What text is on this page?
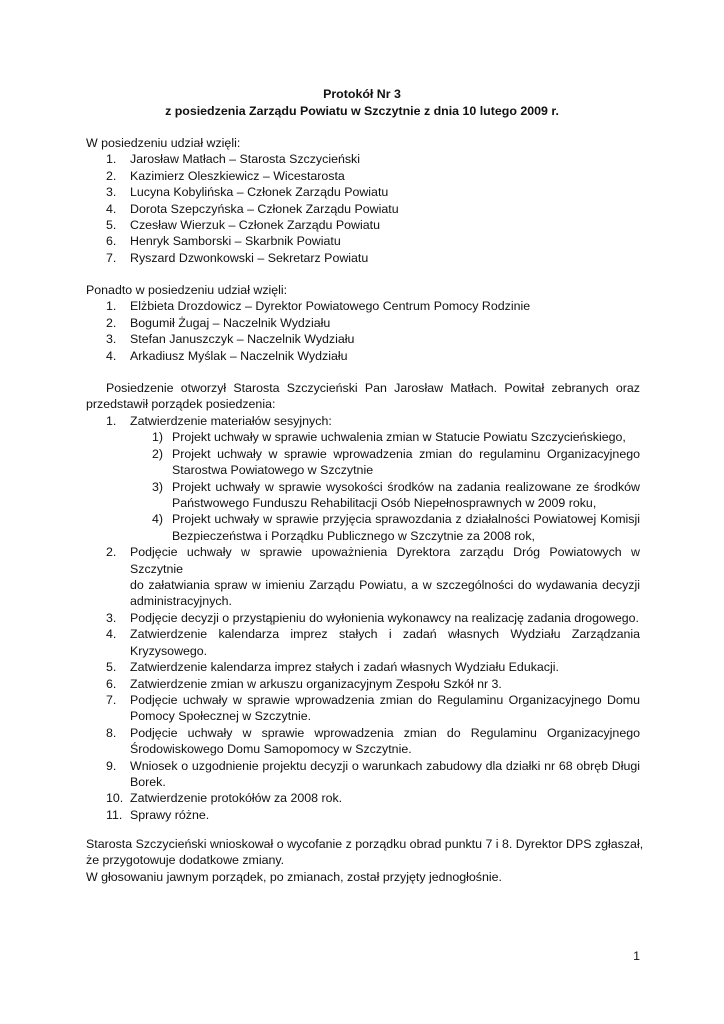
Protokół Nr 3
z posiedzenia Zarządu Powiatu w Szczytnie z dnia 10 lutego 2009 r.
W posiedzeniu udział wzięli:
1. Jarosław Matłach – Starosta Szczycieński
2. Kazimierz Oleszkiewicz – Wicestarosta
3. Lucyna Kobylińska – Członek Zarządu Powiatu
4. Dorota Szepczyńska – Członek Zarządu Powiatu
5. Czesław Wierzuk – Członek Zarządu Powiatu
6. Henryk Samborski – Skarbnik Powiatu
7. Ryszard Dzwonkowski – Sekretarz Powiatu
Ponadto w posiedzeniu udział wzięli:
1. Elżbieta Drozdowicz – Dyrektor Powiatowego Centrum Pomocy Rodzinie
2. Bogumił Żugaj – Naczelnik Wydziału
3. Stefan Januszczyk – Naczelnik Wydziału
4. Arkadiusz Myślak – Naczelnik Wydziału
Posiedzenie otworzył Starosta Szczycieński Pan Jarosław Matłach. Powitał zebranych oraz
przedstawił porządek posiedzenia:
1. Zatwierdzenie materiałów sesyjnych:
1) Projekt uchwały w sprawie uchwalenia zmian w Statucie Powiatu Szczycieńskiego,
2) Projekt uchwały w sprawie wprowadzenia zmian do regulaminu Organizacyjnego
Starostwa Powiatowego w Szczytnie
3) Projekt uchwały w sprawie wysokości środków na zadania realizowane ze środków
Państwowego Funduszu Rehabilitacji Osób Niepełnosprawnych w 2009 roku,
4) Projekt uchwały w sprawie przyjęcia sprawozdania z działalności Powiatowej Komisji
Bezpieczeństwa i Porządku Publicznego w Szczytnie za 2008 rok,
2. Podjęcie uchwały w sprawie upoważnienia Dyrektora zarządu Dróg Powiatowych w Szczytnie
do załatwiania spraw w imieniu Zarządu Powiatu, a w szczególności do wydawania decyzji
administracyjnych.
3. Podjęcie decyzji o przystąpieniu do wyłonienia wykonawcy na realizację zadania drogowego.
4. Zatwierdzenie kalendarza imprez stałych i zadań własnych Wydziału Zarządzania
Kryzysowego.
5. Zatwierdzenie kalendarza imprez stałych i zadań własnych Wydziału Edukacji.
6. Zatwierdzenie zmian w arkuszu organizacyjnym Zespołu Szkół nr 3.
7. Podjęcie uchwały w sprawie wprowadzenia zmian do Regulaminu Organizacyjnego Domu
Pomocy Społecznej w Szczytnie.
8. Podjęcie uchwały w sprawie wprowadzenia zmian do Regulaminu Organizacyjnego
Środowiskowego Domu Samopomocy w Szczytnie.
9. Wniosek o uzgodnienie projektu decyzji o warunkach zabudowy dla działki nr 68 obręb Długi
Borek.
10. Zatwierdzenie protokółów za 2008 rok.
11. Sprawy różne.
Starosta Szczycieński wnioskował o wycofanie z porządku obrad punktu 7 i 8. Dyrektor DPS zgłaszał,
że przygotowuje dodatkowe zmiany.
W głosowaniu jawnym porządek, po zmianach, został przyjęty jednogłośnie.
1
